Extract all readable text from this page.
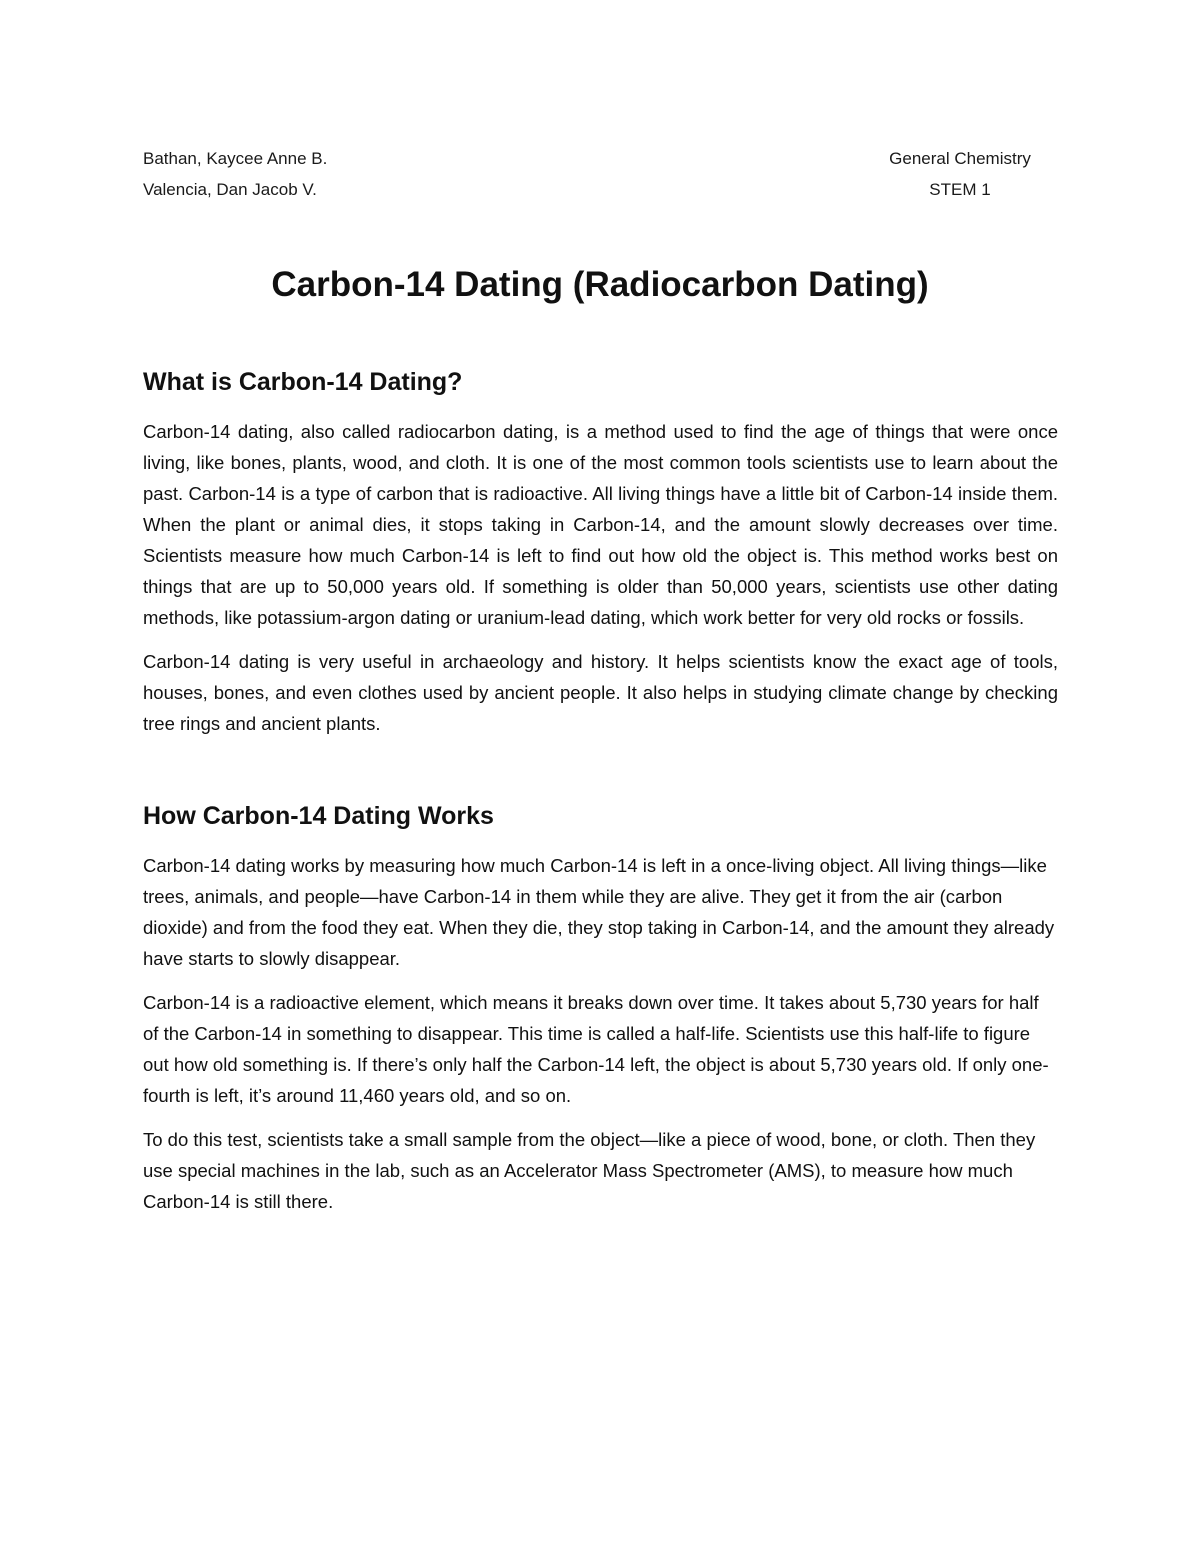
Bathan, Kaycee Anne B.	General Chemistry
Valencia, Dan Jacob V.	STEM 1
Carbon-14 Dating (Radiocarbon Dating)
What is Carbon-14 Dating?

Carbon-14 dating, also called radiocarbon dating, is a method used to find the age of things that were once living, like bones, plants, wood, and cloth. It is one of the most common tools scientists use to learn about the past. Carbon-14 is a type of carbon that is radioactive. All living things have a little bit of Carbon-14 inside them. When the plant or animal dies, it stops taking in Carbon-14, and the amount slowly decreases over time. Scientists measure how much Carbon-14 is left to find out how old the object is. This method works best on things that are up to 50,000 years old. If something is older than 50,000 years, scientists use other dating methods, like potassium-argon dating or uranium-lead dating, which work better for very old rocks or fossils.

Carbon-14 dating is very useful in archaeology and history. It helps scientists know the exact age of tools, houses, bones, and even clothes used by ancient people. It also helps in studying climate change by checking tree rings and ancient plants.

How Carbon-14 Dating Works

Carbon-14 dating works by measuring how much Carbon-14 is left in a once-living object. All living things—like trees, animals, and people—have Carbon-14 in them while they are alive. They get it from the air (carbon dioxide) and from the food they eat. When they die, they stop taking in Carbon-14, and the amount they already have starts to slowly disappear.

Carbon-14 is a radioactive element, which means it breaks down over time. It takes about 5,730 years for half of the Carbon-14 in something to disappear. This time is called a half-life. Scientists use this half-life to figure out how old something is. If there’s only half the Carbon-14 left, the object is about 5,730 years old. If only one-fourth is left, it’s around 11,460 years old, and so on.

To do this test, scientists take a small sample from the object—like a piece of wood, bone, or cloth. Then they use special machines in the lab, such as an Accelerator Mass Spectrometer (AMS), to measure how much Carbon-14 is still there.
